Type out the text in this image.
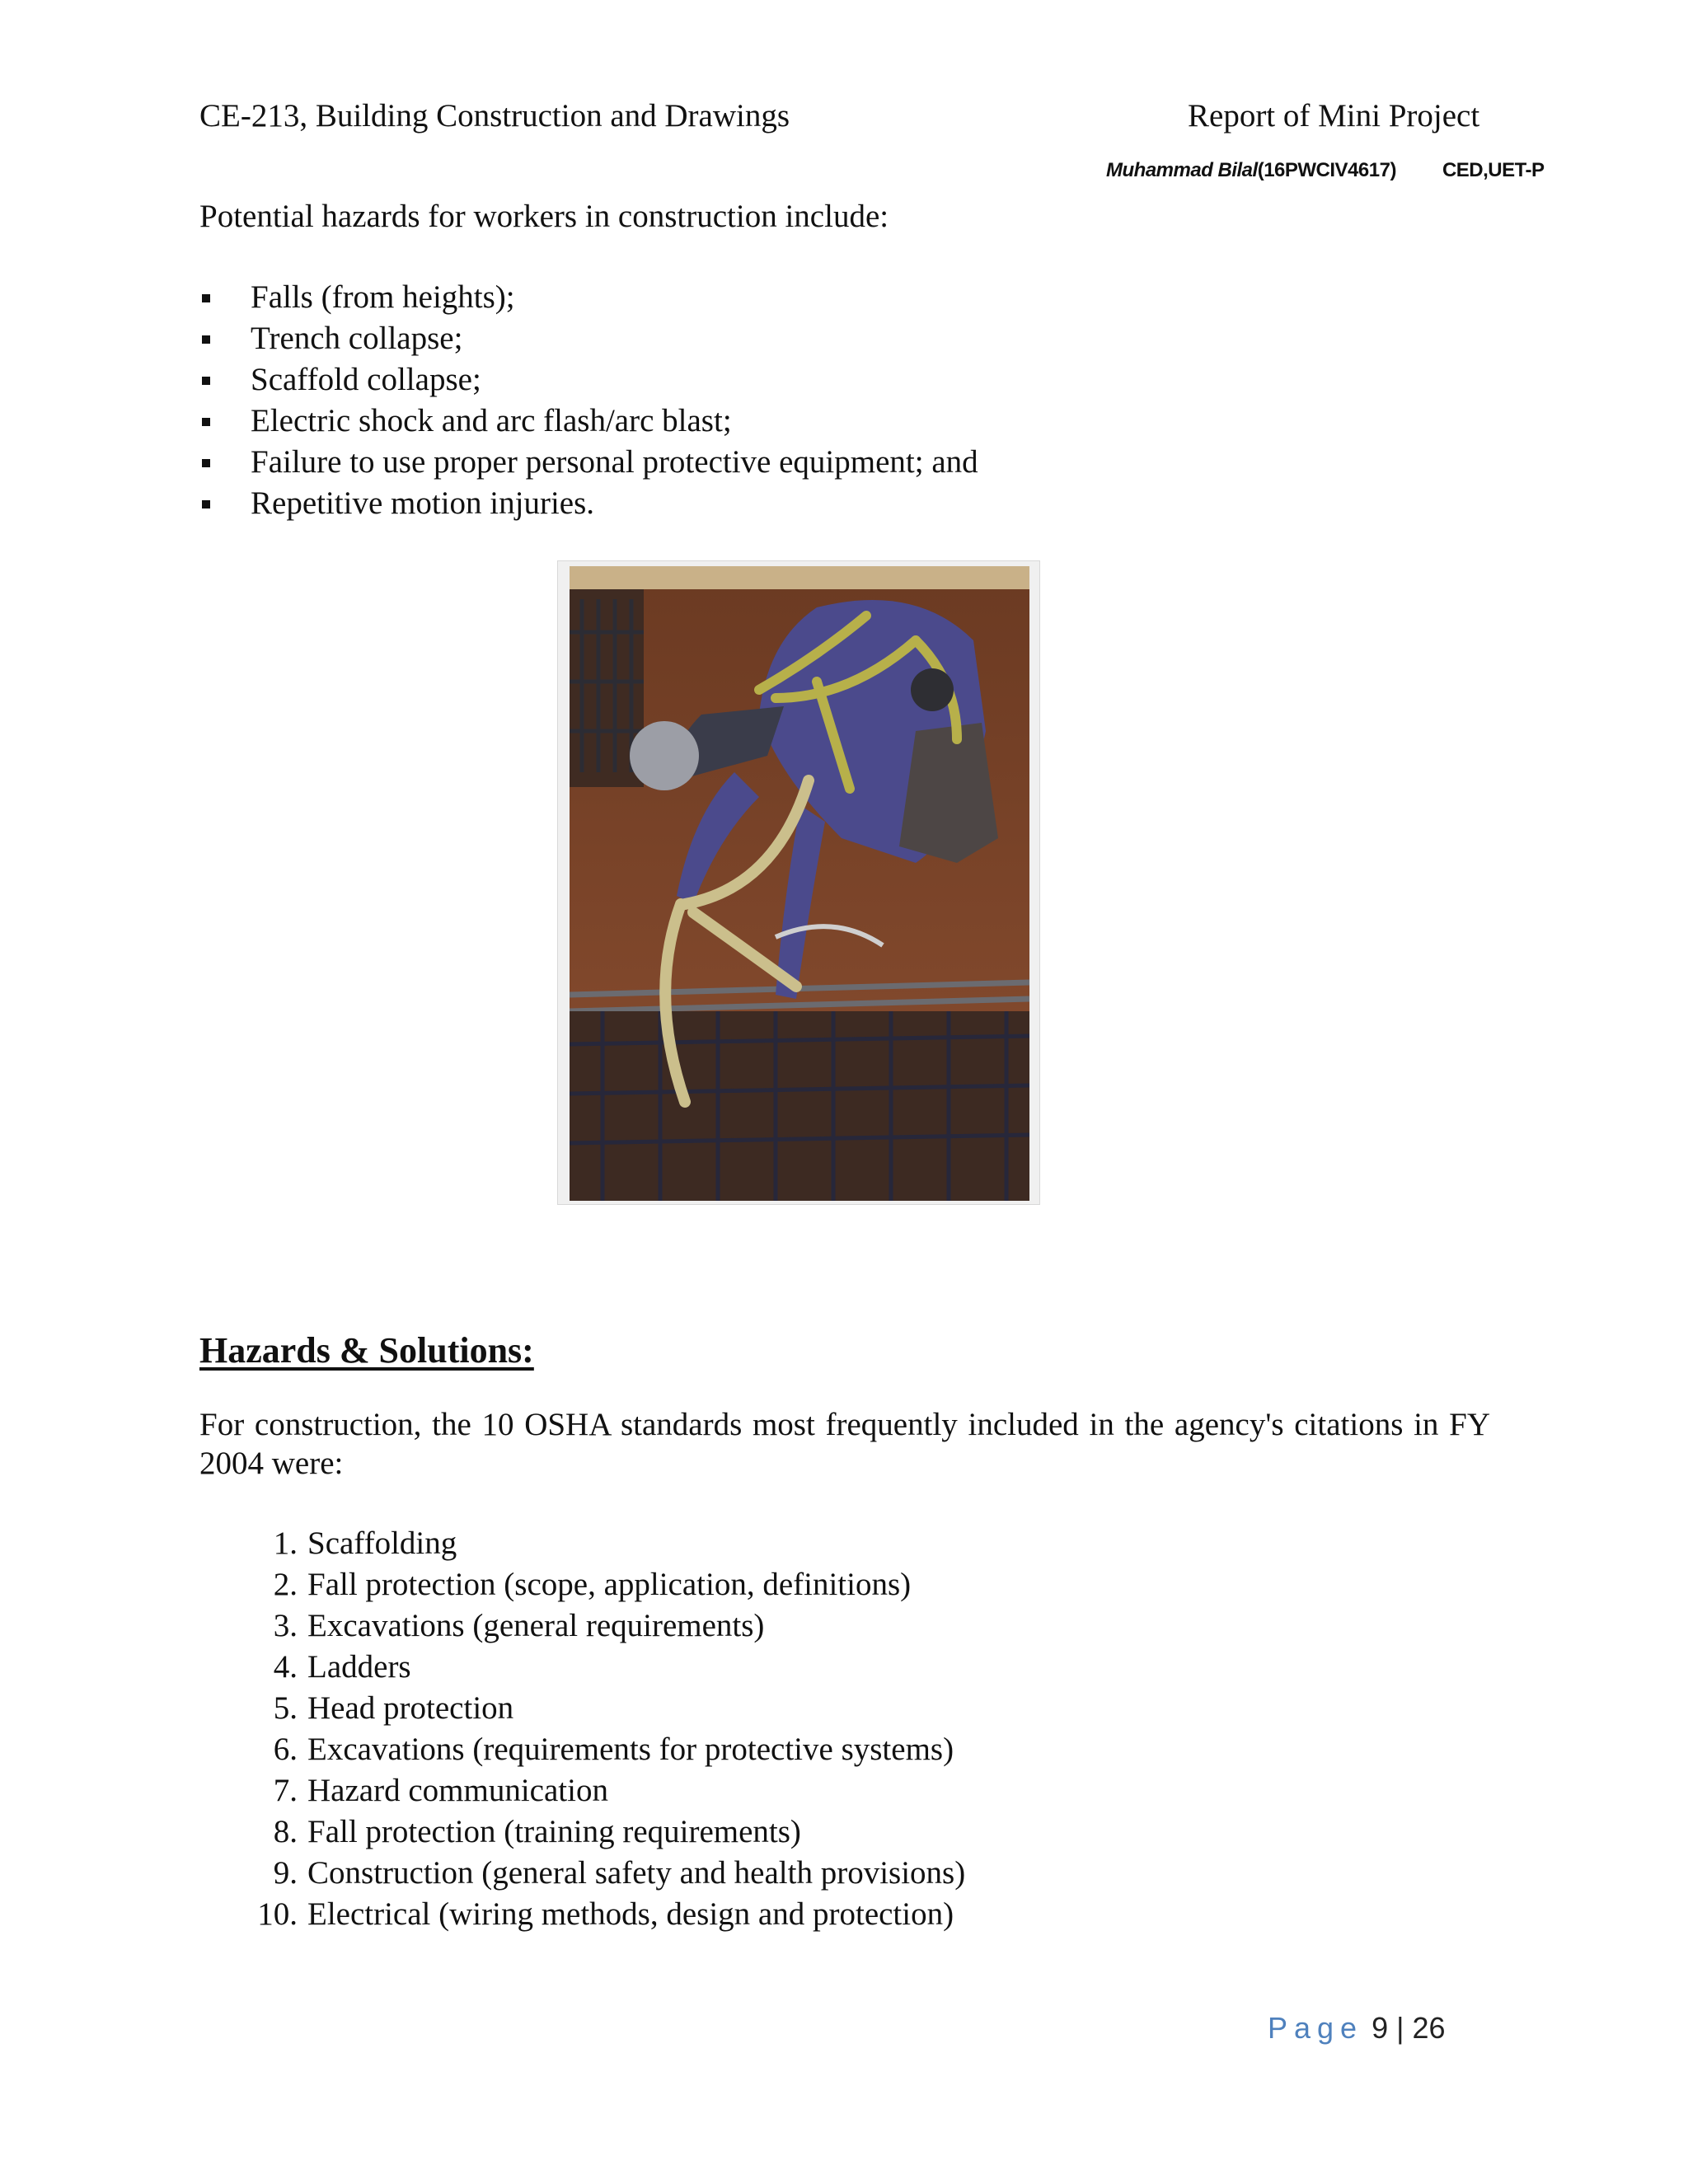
CE-213, Building Construction and Drawings	Report of Mini Project
Muhammad Bilal(16PWCIV4617) CED,UET-P
Potential hazards for workers in construction include:
Falls (from heights);
Trench collapse;
Scaffold collapse;
Electric shock and arc flash/arc blast;
Failure to use proper personal protective equipment; and
Repetitive motion injuries.
Hazards & Solutions:
For construction, the 10 OSHA standards most frequently included in the agency's citations in FY 2004 were:
1. Scaffolding
2. Fall protection (scope, application, definitions)
3. Excavations (general requirements)
4. Ladders
5. Head protection
6. Excavations (requirements for protective systems)
7. Hazard communication
8. Fall protection (training requirements)
9. Construction (general safety and health provisions)
10. Electrical (wiring methods, design and protection)
Page 9 | 26
